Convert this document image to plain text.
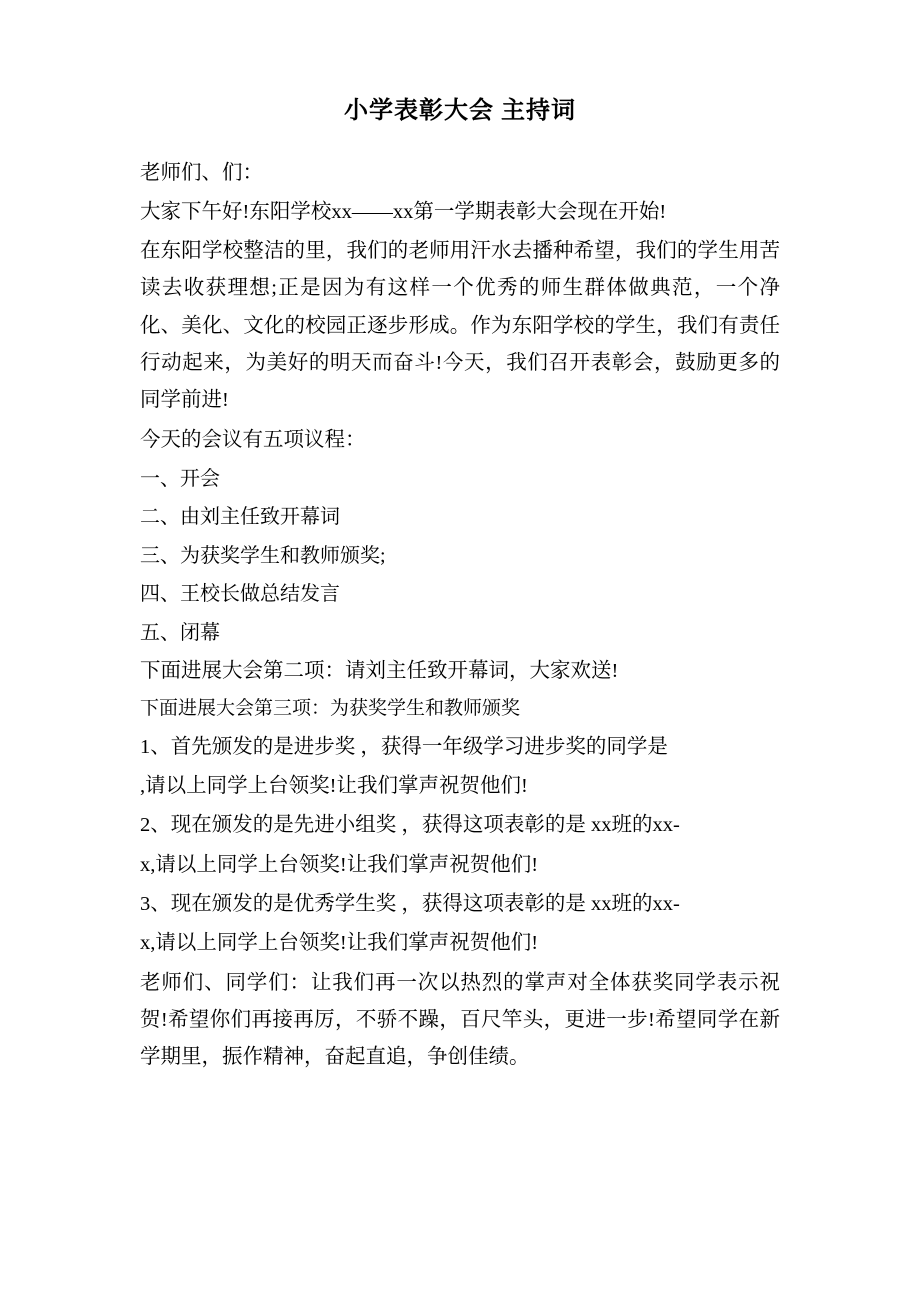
小学表彰大会 主持词

老师们、们：

大家下午好!东阳学校xx——xx第一学期表彰大会现在开始!

在东阳学校整洁的里，我们的老师用汗水去播种希望，我们的学生用苦读去收获理想;正是因为有这样一个优秀的师生群体做典范，一个净化、美化、文化的校园正逐步形成。作为东阳学校的学生，我们有责任行动起来，为美好的明天而奋斗!今天，我们召开表彰会，鼓励更多的同学前进!

今天的会议有五项议程：

一、开会

二、由刘主任致开幕词

三、为获奖学生和教师颁奖;

四、王校长做总结发言

五、闭幕

下面进展大会第二项：请刘主任致开幕词，大家欢送!

下面进展大会第三项：为获奖学生和教师颁奖

1、首先颁发的是进步奖 ，获得一年级学习进步奖的同学是

,请以上同学上台领奖!让我们掌声祝贺他们!

2、现在颁发的是先进小组奖 ，获得这项表彰的是 xx班的xx-

x,请以上同学上台领奖!让我们掌声祝贺他们!

3、现在颁发的是优秀学生奖 ，获得这项表彰的是 xx班的xx-

x,请以上同学上台领奖!让我们掌声祝贺他们!

老师们、同学们：让我们再一次以热烈的掌声对全体获奖同学表示祝贺!希望你们再接再厉，不骄不躁，百尺竿头，更进一步!希望同学在新学期里，振作精神，奋起直追，争创佳绩。
